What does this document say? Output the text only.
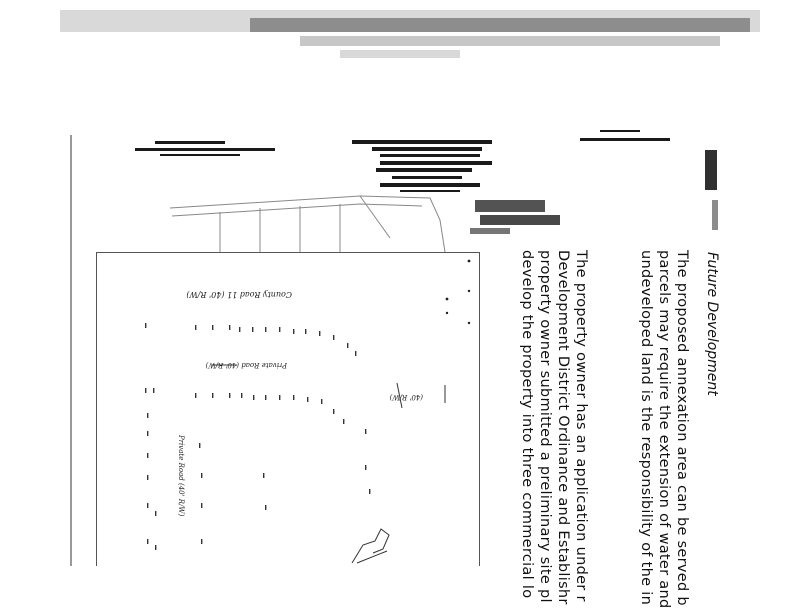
Future Development
The proposed annexation area can be served b
parcels may require the extension of water and
undeveloped land is the responsibility of the in
The property owner has an application under r
Development District Ordinance and Establishr
property owner submitted a preliminary site pl
develop the property into three commercial lo
County Road 11 (40' R/W)
Private Road (40' R/W)
Private Road (40' R/W)
(40' R/W)
